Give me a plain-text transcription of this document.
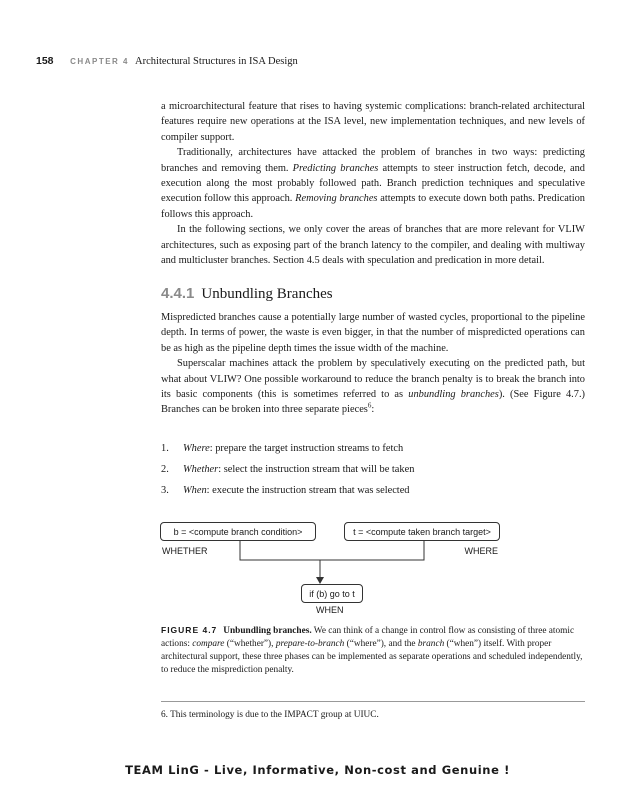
158 CHAPTER 4 Architectural Structures in ISA Design

a microarchitectural feature that rises to having systemic complications: branch-related architectural features require new operations at the ISA level, new implementation techniques, and new levels of compiler support.

Traditionally, architectures have attacked the problem of branches in two ways: predicting branches and removing them. Predicting branches attempts to steer instruction fetch, decode, and execution along the most probably followed path. Branch prediction techniques and speculative execution follow this approach. Removing branches attempts to execute down both paths. Predication follows this approach.

In the following sections, we only cover the areas of branches that are more relevant for VLIW architectures, such as exposing part of the branch latency to the compiler, and dealing with multiway and multicluster branches. Section 4.5 deals with speculation and predication in more detail.

4.4.1 Unbundling Branches

Mispredicted branches cause a potentially large number of wasted cycles, proportional to the pipeline depth. In terms of power, the waste is even bigger, in that the number of mispredicted operations can be as high as the pipeline depth times the issue width of the machine.

Superscalar machines attack the problem by speculatively executing on the predicted path, but what about VLIW? One possible workaround to reduce the branch penalty is to break the branch into its basic components (this is sometimes referred to as unbundling branches). (See Figure 4.7.) Branches can be broken into three separate pieces$^6$:

1. Where: prepare the target instruction streams to fetch
2. Whether: select the instruction stream that will be taken
3. When: execute the instruction stream that was selected
b = <compute branch condition>	t = <compute taken branch target>
WHETHER	WHERE
if (b) go to t
WHEN
FIGURE 4.7 Unbundling branches. We can think of a change in control flow as consisting of three atomic actions: compare (“whether”), prepare-to-branch (“where”), and the branch (“when”) itself. With proper architectural support, these three phases can be implemented as separate operations and scheduled independently, to reduce the misprediction penalty.
6. This terminology is due to the IMPACT group at UIUC.
TEAM LinG - Live, Informative, Non-cost and Genuine !
